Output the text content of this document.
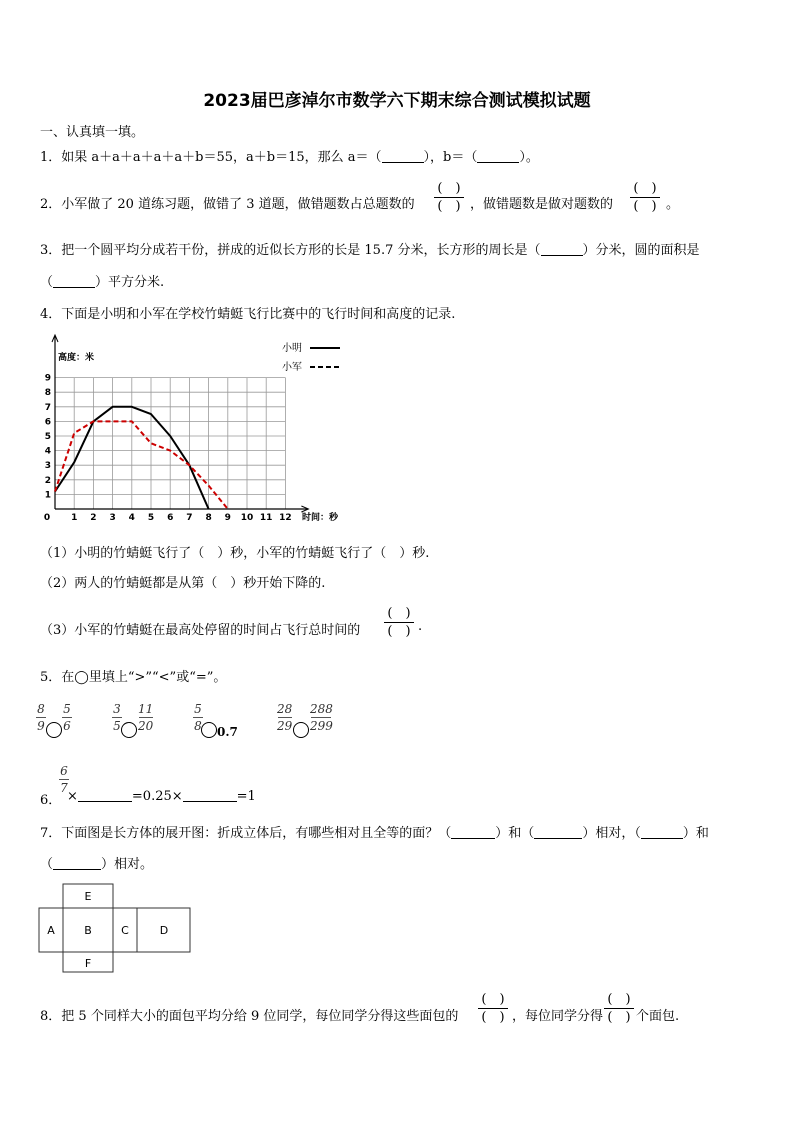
2023届巴彦淖尔市数学六下期末综合测试模拟试题
一、认真填一填。
1．如果 a＋a＋a＋a＋a＋b＝55，a＋b＝15，那么 a＝（	），b＝（	）。
2．小军做了 20 道练习题，做错了 3 道题，做错题数占总题数的
(　)
(　) ，做错题数是做对题数的
(　)
(　) 。
3．把一个圆平均分成若干份，拼成的近似长方形的长是 15.7 分米，长方形的周长是（	）分米，圆的面积是
（	）平方分米.
4．下面是小明和小军在学校竹蜻蜓飞行比赛中的飞行时间和高度的记录.
0 1 2 3 4 5 6 7 8 9 10 11 12
1
2
3
4
5
6
7
8
9
高度：米
时间：秒
小明
小军
（1）小明的竹蜻蜓飞行了（　）秒，小军的竹蜻蜓飞行了（　）秒.
（2）两人的竹蜻蜓都是从第（　）秒开始下降的.
（3）小军的竹蜻蜓在最高处停留的时间占飞行总时间的
(　)
(　) .
5．在◯里填上“>”“<”或“=”。
8
9
5
6
3
5
11
20
5
8 0.7
28
29
288
299
6
7
6． ×	=0.25×	=1
7．下面图是长方体的展开图：折成立体后，有哪些相对且全等的面？（	）和（	）相对，（	）和
（	）相对。
E
A	B	C	D
F
8．把 5 个同样大小的面包平均分给 9 位同学，每位同学分得这些面包的
(　)
(　) ，每位同学分得
(　)
(　) 个面包.
